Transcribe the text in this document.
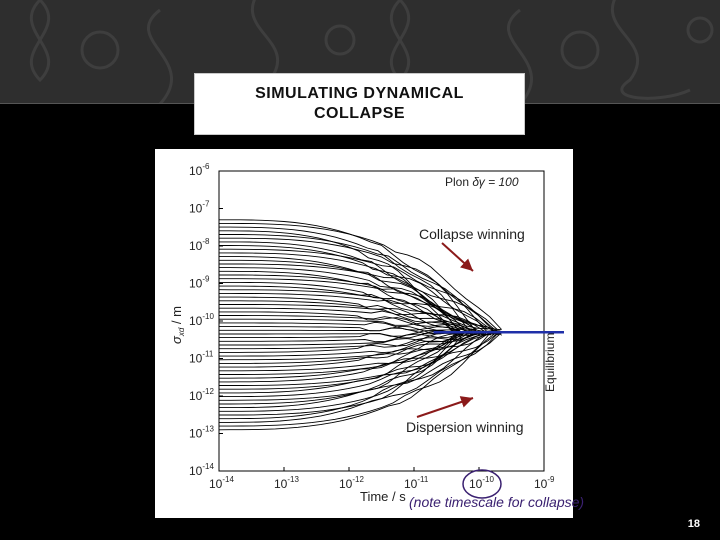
SIMULATING DYNAMICAL
COLLAPSE
$10^{-14}$	$10^{-13}$	$10^{-12}$	$10^{-11}$	$10^{-10}$	$10^{-9}$
$10^{-6}$
$10^{-7}$
$10^{-8}$
$10^{-9}$
$10^{-10}$
$10^{-11}$
$10^{-12}$
$10^{-13}$
$10^{-14}$
Plon δγ = 100
Collapse winning
Dispersion winning
Equilibrium
$\sigma_{xd}$ / m
Time / s (note timescale for collapse)
18
